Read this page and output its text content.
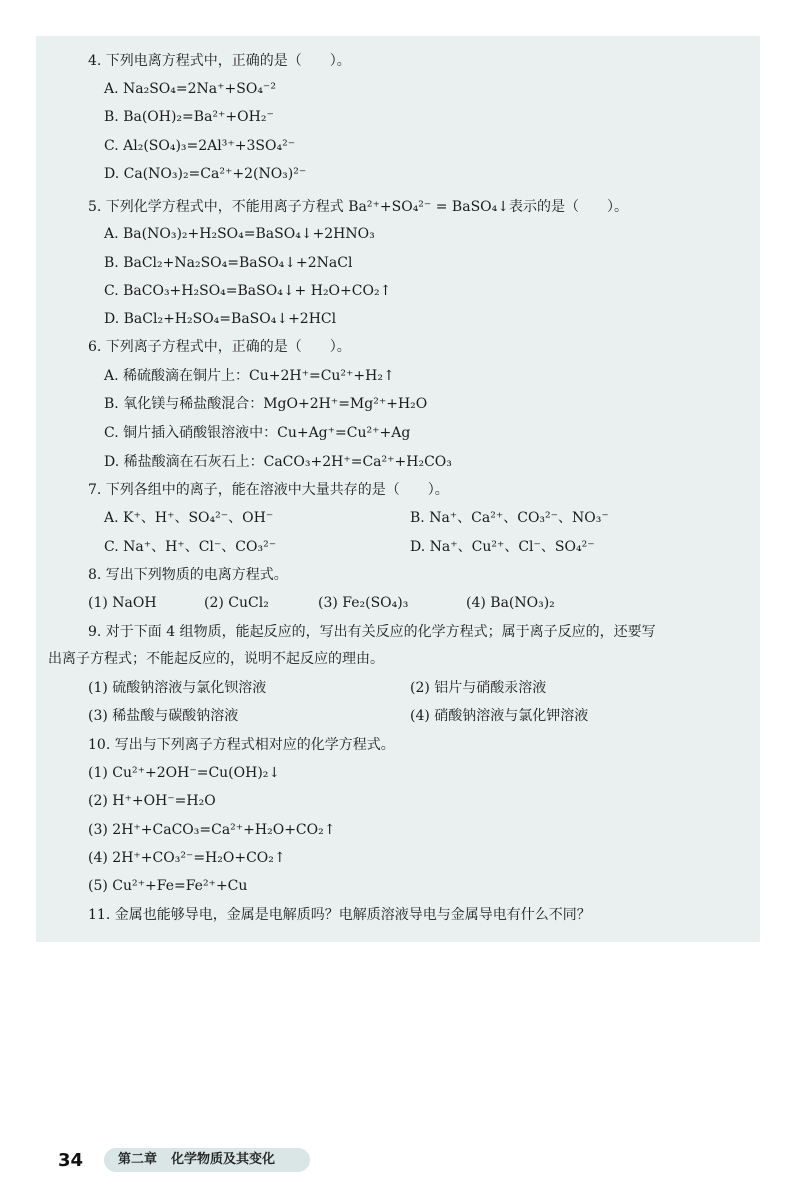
4. 下列电离方程式中，正确的是（　　）。
A. Na₂SO₄=2Na⁺+SO₄⁻²
B. Ba(OH)₂=Ba²⁺+OH₂⁻
C. Al₂(SO₄)₃=2Al³⁺+3SO₄²⁻
D. Ca(NO₃)₂=Ca²⁺+2(NO₃)²⁻
5. 下列化学方程式中，不能用离子方程式 Ba²⁺+SO₄²⁻ = BaSO₄↓表示的是（　　）。
A. Ba(NO₃)₂+H₂SO₄=BaSO₄↓+2HNO₃
B. BaCl₂+Na₂SO₄=BaSO₄↓+2NaCl
C. BaCO₃+H₂SO₄=BaSO₄↓+ H₂O+CO₂↑
D. BaCl₂+H₂SO₄=BaSO₄↓+2HCl
6. 下列离子方程式中，正确的是（　　）。
A. 稀硫酸滴在铜片上：Cu+2H⁺=Cu²⁺+H₂↑
B. 氧化镁与稀盐酸混合：MgO+2H⁺=Mg²⁺+H₂O
C. 铜片插入硝酸银溶液中：Cu+Ag⁺=Cu²⁺+Ag
D. 稀盐酸滴在石灰石上：CaCO₃+2H⁺=Ca²⁺+H₂CO₃
7. 下列各组中的离子，能在溶液中大量共存的是（　　）。
A. K⁺、H⁺、SO₄²⁻、OH⁻	B. Na⁺、Ca²⁺、CO₃²⁻、NO₃⁻
C. Na⁺、H⁺、Cl⁻、CO₃²⁻	D. Na⁺、Cu²⁺、Cl⁻、SO₄²⁻
8. 写出下列物质的电离方程式。
(1) NaOH	(2) CuCl₂	(3) Fe₂(SO₄)₃	(4) Ba(NO₃)₂
9. 对于下面 4 组物质，能起反应的，写出有关反应的化学方程式；属于离子反应的，还要写
出离子方程式；不能起反应的，说明不起反应的理由。
(1) 硫酸钠溶液与氯化钡溶液	(2) 铝片与硝酸汞溶液
(3) 稀盐酸与碳酸钠溶液	(4) 硝酸钠溶液与氯化钾溶液
10. 写出与下列离子方程式相对应的化学方程式。
(1) Cu²⁺+2OH⁻=Cu(OH)₂↓
(2) H⁺+OH⁻=H₂O
(3) 2H⁺+CaCO₃=Ca²⁺+H₂O+CO₂↑
(4) 2H⁺+CO₃²⁻=H₂O+CO₂↑
(5) Cu²⁺+Fe=Fe²⁺+Cu
11. 金属也能够导电，金属是电解质吗？电解质溶液导电与金属导电有什么不同？
34	第二章 化学物质及其变化
